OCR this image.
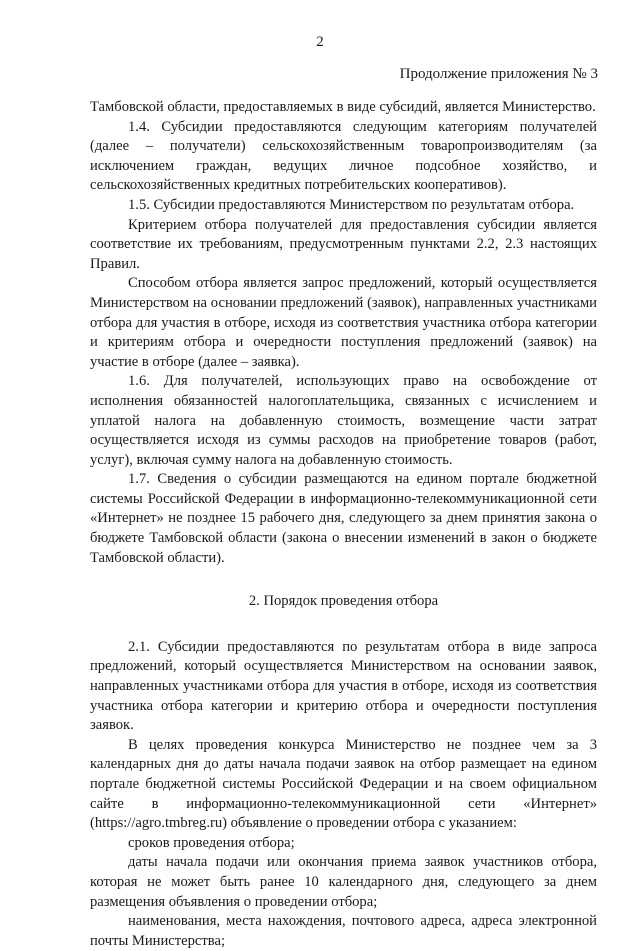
2
Продолжение приложения № 3

Тамбовской области, предоставляемых в виде субсидий, является Министерство.

1.4. Субсидии предоставляются следующим категориям получателей (далее – получатели) сельскохозяйственным товаропроизводителям (за исключением граждан, ведущих личное подсобное хозяйство, и сельскохозяйственных кредитных потребительских кооперативов).

1.5. Субсидии предоставляются Министерством по результатам отбора.

Критерием отбора получателей для предоставления субсидии является соответствие их требованиям, предусмотренным пунктами 2.2, 2.3 настоящих Правил.

Способом отбора является запрос предложений, который осуществляется Министерством на основании предложений (заявок), направленных участниками отбора для участия в отборе, исходя из соответствия участника отбора категории и критериям отбора и очередности поступления предложений (заявок) на участие в отборе (далее – заявка).

1.6. Для получателей, использующих право на освобождение от исполнения обязанностей налогоплательщика, связанных с исчислением и уплатой налога на добавленную стоимость, возмещение части затрат осуществляется исходя из суммы расходов на приобретение товаров (работ, услуг), включая сумму налога на добавленную стоимость.

1.7. Сведения о субсидии размещаются на едином портале бюджетной системы Российской Федерации в информационно-телекоммуникационной сети «Интернет» не позднее 15 рабочего дня, следующего за днем принятия закона о бюджете Тамбовской области (закона о внесении изменений в закон о бюджете Тамбовской области).

2. Порядок проведения отбора

2.1. Субсидии предоставляются по результатам отбора в виде запроса предложений, который осуществляется Министерством на основании заявок, направленных участниками отбора для участия в отборе, исходя из соответствия участника отбора категории и критерию отбора и очередности поступления заявок.

В целях проведения конкурса Министерство не позднее чем за 3 календарных дня до даты начала подачи заявок на отбор размещает на едином портале бюджетной системы Российской Федерации и на своем официальном сайте в информационно-телекоммуникационной сети «Интернет» (https://agro.tmbreg.ru) объявление о проведении отбора с указанием:

сроков проведения отбора;

даты начала подачи или окончания приема заявок участников отбора, которая не может быть ранее 10 календарного дня, следующего за днем размещения объявления о проведении отбора;

наименования, места нахождения, почтового адреса, адреса электронной почты Министерства;
